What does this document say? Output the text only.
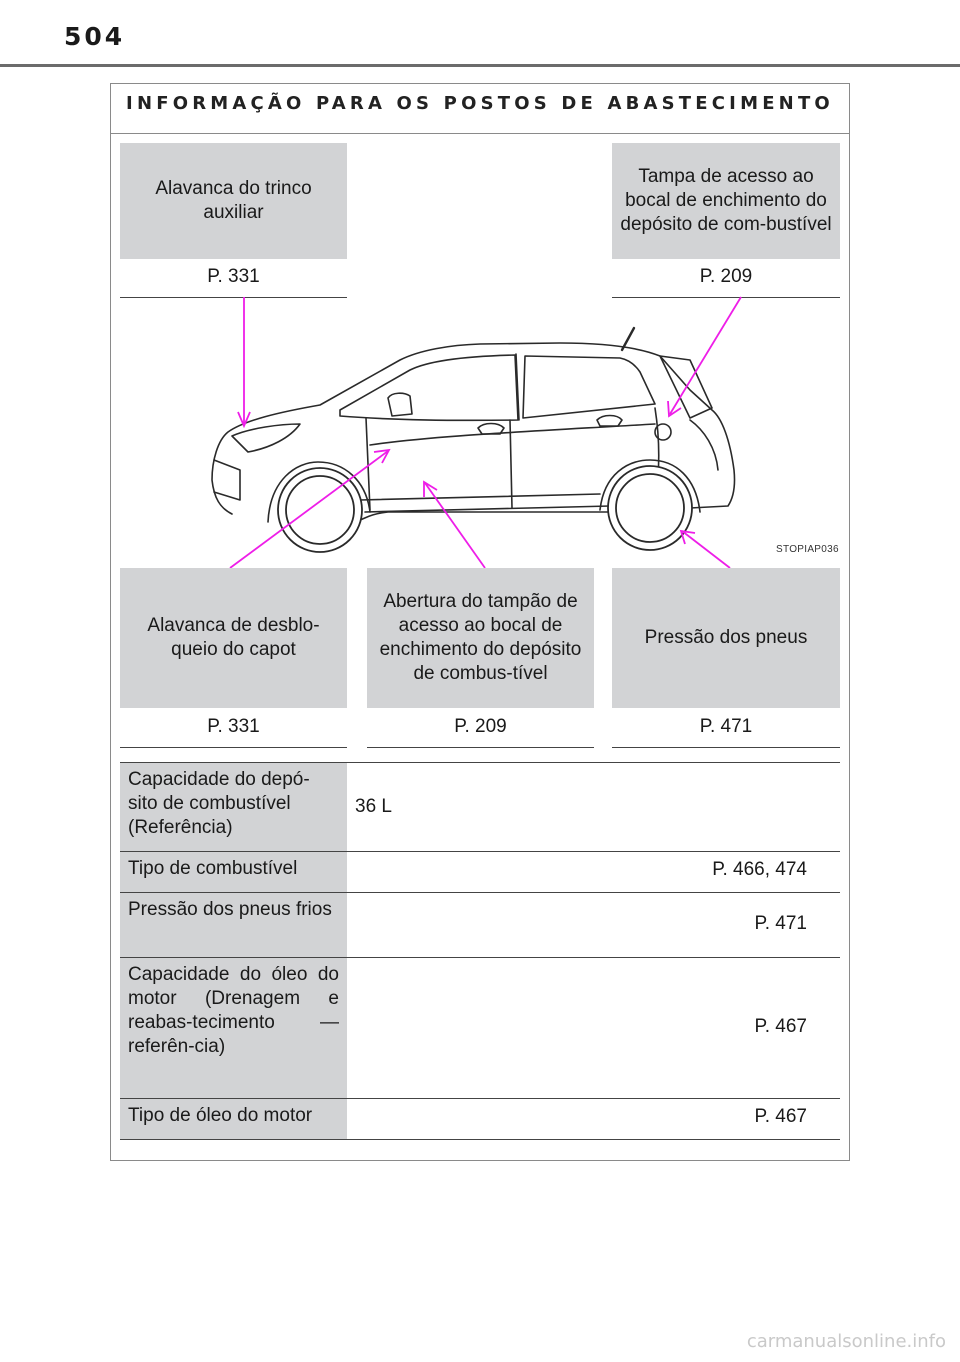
504
INFORMAÇÃO PARA OS POSTOS DE ABASTECIMENTO
Alavanca do trinco auxiliar
P. 331
Tampa de acesso ao bocal de enchimento do depósito de com-bustível
P. 209
STOPIAP036
Alavanca de desblo-queio do capot
P. 331
Abertura do tampão de acesso ao bocal de enchimento do depósito de combus-tível
P. 209
Pressão dos pneus
P. 471
Capacidade do depó-sito de combustível (Referência)
36 L
Tipo de combustível	P. 466, 474
Pressão dos pneus frios
P. 471
Capacidade do óleo do motor (Drenagem e reabas-tecimento — referên-cia)
P. 467
Tipo de óleo do motor	P. 467
carmanualsonline.info
